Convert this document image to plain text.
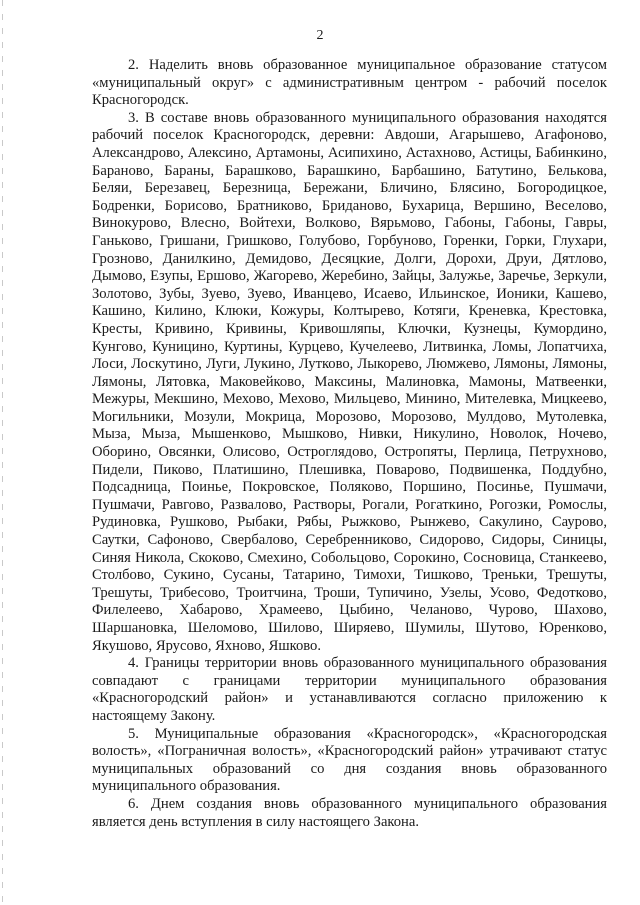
2

2. Наделить вновь образованное муниципальное образование статусом «муниципальный округ» с административным центром - рабочий поселок Красногородск.

3. В составе вновь образованного муниципального образования находятся рабочий поселок Красногородск, деревни: Авдоши, Агарышево, Агафоново, Александрово, Алексино, Артамоны, Асипихино, Астахново, Астицы, Бабинкино, Бараново, Бараны, Барашково, Барашкино, Барбашино, Батутино, Белькова, Беляи, Березавец, Березница, Бережани, Бличино, Блясино, Богородицкое, Бодренки, Борисово, Братниково, Бриданово, Бухарица, Вершино, Веселово, Винокурово, Влесно, Войтехи, Волково, Вярьмово, Габоны, Габоны, Гавры, Ганьково, Гришани, Гришково, Голубово, Горбуново, Горенки, Горки, Глухари, Грозново, Данилкино, Демидово, Десяцкие, Долги, Дорохи, Друи, Дятлово, Дымово, Езупы, Ершово, Жагорево, Жеребино, Зайцы, Залужье, Заречье, Зеркули, Золотово, Зубы, Зуево, Зуево, Иванцево, Исаево, Ильинское, Ионики, Кашево, Кашино, Килино, Клюки, Кожуры, Колтырево, Котяги, Креневка, Крестовка, Кресты, Кривино, Кривины, Кривошляпы, Ключки, Кузнецы, Кумордино, Кунгово, Куницино, Куртины, Курцево, Кучелеево, Литвинка, Ломы, Лопатчиха, Лоси, Лоскутино, Луги, Лукино, Лутково, Лыкорево, Люмжево, Лямоны, Лямоны, Лямоны, Лятовка, Маковейково, Максины, Малиновка, Мамоны, Матвеенки, Межуры, Мекшино, Мехово, Мехово, Мильцево, Минино, Мителевка, Мицкеево, Могильники, Мозули, Мокрица, Морозово, Морозово, Мулдово, Мутолевка, Мыза, Мыза, Мышенково, Мышково, Нивки, Никулино, Новолок, Ночево, Оборино, Овсянки, Олисово, Остроглядово, Остропяты, Перлица, Петрухново, Пидели, Пиково, Платишино, Плешивка, Поварово, Подвишенка, Поддубно, Подсадница, Поинье, Покровское, Поляково, Поршино, Посинье, Пушмачи, Пушмачи, Равгово, Развалово, Растворы, Рогали, Рогаткино, Рогозки, Ромослы, Рудиновка, Рушково, Рыбаки, Рябы, Рыжково, Рынжево, Сакулино, Саурово, Саутки, Сафоново, Свербалово, Серебренниково, Сидорово, Сидоры, Синицы, Синяя Никола, Скоково, Смехино, Собольцово, Сорокино, Сосновица, Станкеево, Столбово, Сукино, Сусаны, Татарино, Тимохи, Тишково, Треньки, Трешуты, Трешуты, Трибесово, Троитчина, Троши, Тупичино, Узелы, Усово, Федотково, Филелеево, Хабарово, Храмеево, Цыбино, Челаново, Чурово, Шахово, Шаршановка, Шеломово, Шилово, Ширяево, Шумилы, Шутово, Юренково, Якушово, Ярусово, Яхново, Яшково.

4. Границы территории вновь образованного муниципального образования совпадают с границами территории муниципального образования «Красногородский район» и устанавливаются согласно приложению к настоящему Закону.

5. Муниципальные образования «Красногородск», «Красногородская волость», «Пограничная волость», «Красногородский район» утрачивают статус муниципальных образований со дня создания вновь образованного муниципального образования.

6. Днем создания вновь образованного муниципального образования является день вступления в силу настоящего Закона.
